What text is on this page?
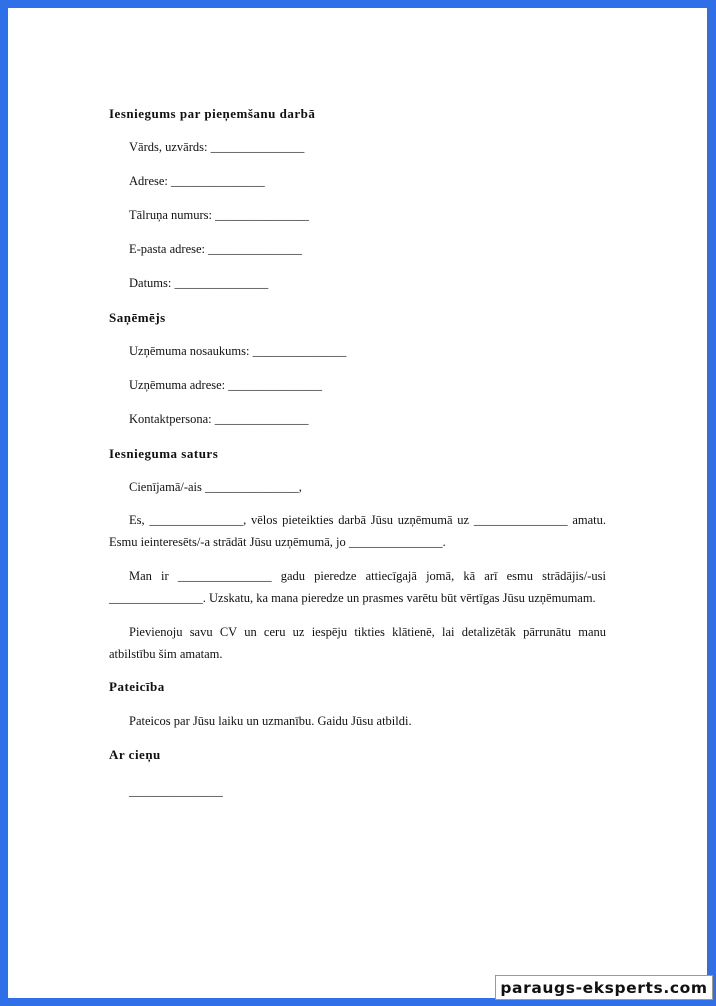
Iesniegums par pieņemšanu darbā
Vārds, uzvārds: _______________
Adrese: _______________
Tālruņa numurs: _______________
E-pasta adrese: _______________
Datums: _______________
Saņēmējs
Uzņēmuma nosaukums: _______________
Uzņēmuma adrese: _______________
Kontaktpersona: _______________
Iesnieguma saturs
Cienījamā/-ais _______________,
Es, _______________, vēlos pieteikties darbā Jūsu uzņēmumā uz _______________ amatu. Esmu ieinteresēts/-a strādāt Jūsu uzņēmumā, jo _______________.
Man ir _______________ gadu pieredze attiecīgajā jomā, kā arī esmu strādājis/-usi _______________. Uzskatu, ka mana pieredze un prasmes varētu būt vērtīgas Jūsu uzņēmumam.
Pievienoju savu CV un ceru uz iespēju tikties klātienē, lai detalizētāk pārrunātu manu atbilstību šim amatam.
Pateicība
Pateicos par Jūsu laiku un uzmanību. Gaidu Jūsu atbildi.
Ar cieņu
_______________
paraugs-eksperts.com
